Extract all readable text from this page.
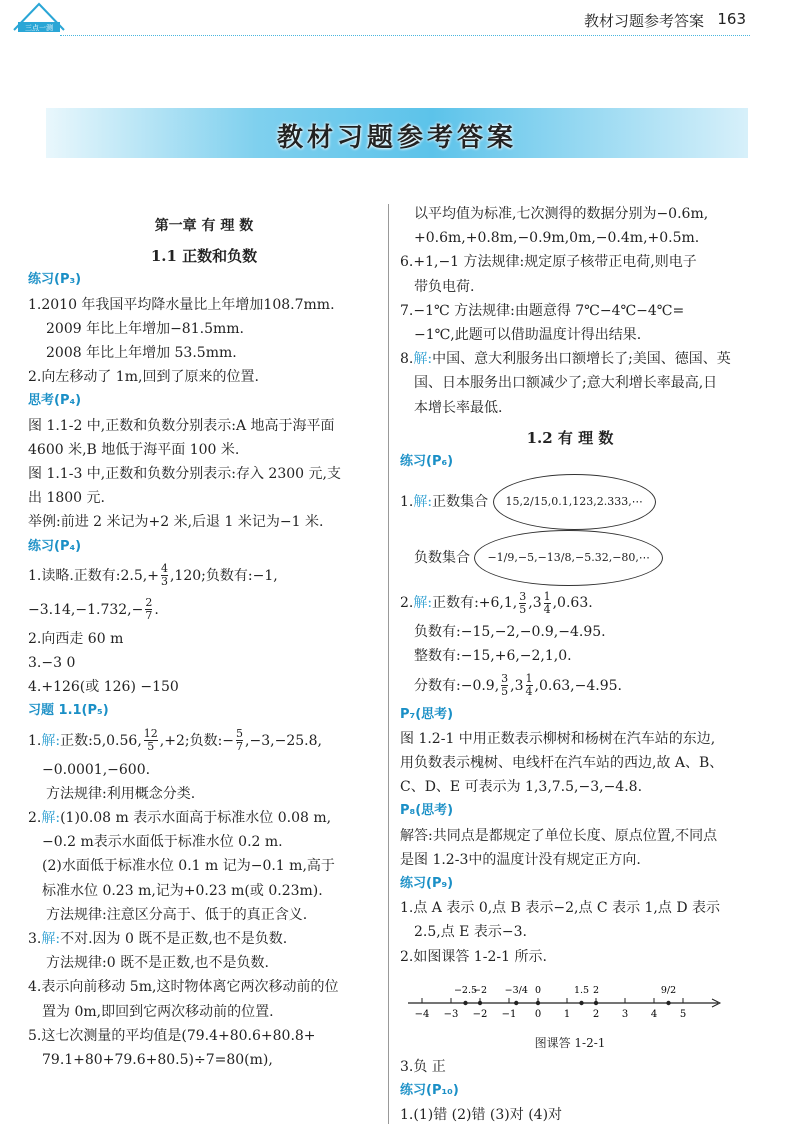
三点一测	教材习题参考答案 163
教材习题参考答案
第一章 有 理 数
1.1 正数和负数
练习(P₃)
1.2010 年我国平均降水量比上年增加108.7mm.
2009 年比上年增加−81.5mm.
2008 年比上年增加 53.5mm.
2.向左移动了 1m,回到了原来的位置.
思考(P₄)
图 1.1-2 中,正数和负数分别表示:A 地高于海平面
4600 米,B 地低于海平面 100 米.
图 1.1-3 中,正数和负数分别表示:存入 2300 元,支
出 1800 元.
举例:前进 2 米记为+2 米,后退 1 米记为−1 米.
练习(P₄)
1.读略.正数有:2.5,+ $\frac{4}{3} ,120$;负数有:−1,
$-3.14,-1.732,- \frac{2}{7}$ .
2.向西走 60 m
3.−3 0
4.+126(或 126) −150
习题 1.1(P₅)
1.解:正数:5,0.56, $\frac{12}{5} ,+2$;负数:− $\frac{5}{7} ,-3,-25.8$,
−0.0001,−600.
方法规律:利用概念分类.
2.解:(1)0.08 m 表示水面高于标准水位 0.08 m,
−0.2 m表示水面低于标准水位 0.2 m.
(2)水面低于标准水位 0.1 m 记为−0.1 m,高于
标准水位 0.23 m,记为+0.23 m(或 0.23m).
方法规律:注意区分高于、低于的真正含义.
3.解:不对.因为 0 既不是正数,也不是负数.
方法规律:0 既不是正数,也不是负数.
4.表示向前移动 5m,这时物体离它两次移动前的位
置为 0m,即回到它两次移动前的位置.
5.这七次测量的平均值是(79.4+80.6+80.8+
79.1+80+79.6+80.5)÷7=80(m),
以平均值为标准,七次测得的数据分别为−0.6m,
+0.6m,+0.8m,−0.9m,0m,−0.4m,+0.5m.
6.+1,−1 方法规律:规定原子核带正电荷,则电子
带负电荷.
7.−1℃ 方法规律:由题意得 7℃−4℃−4℃=
−1℃,此题可以借助温度计得出结果.
8.解:中国、意大利服务出口额增长了;美国、德国、英
国、日本服务出口额减少了;意大利增长率最高,日
本增长率最低.
1.2 有 理 数
练习(P₆)
1.解:正数集合 15,2/15,0.1,123,2.333,⋯
负数集合 −1/9,−5,−13/8,−5.32,−80,⋯
2.解:正数有:+6,1, $\frac{3}{5} ,3 \frac{1}{4} ,0.63$.
负数有:−15,−2,−0.9,−4.95.
整数有:−15,+6,−2,1,0.
分数有:−0.9, $\frac{3}{5} ,3 \frac{1}{4} ,0.63,-4.95$.
P₇(思考)
图 1.2-1 中用正数表示柳树和杨树在汽车站的东边,
用负数表示槐树、电线杆在汽车站的西边,故 A、B、
C、D、E 可表示为 1,3,7.5,−3,−4.8.
P₈(思考)
解答:共同点是都规定了单位长度、原点位置,不同点
是图 1.2-3中的温度计没有规定正方向.
练习(P₉)
1.点 A 表示 0,点 B 表示−2,点 C 表示 1,点 D 表示
2.5,点 E 表示−3.
2.如图课答 1-2-1 所示.
−4 −3 −2 −1 0 1 2 3 4 5
−2.5
−2 −3/4 0	1.5 2	9/2
图课答 1-2-1
3.负 正
练习(P₁₀)
1.(1)错 (2)错 (3)对 (4)对
